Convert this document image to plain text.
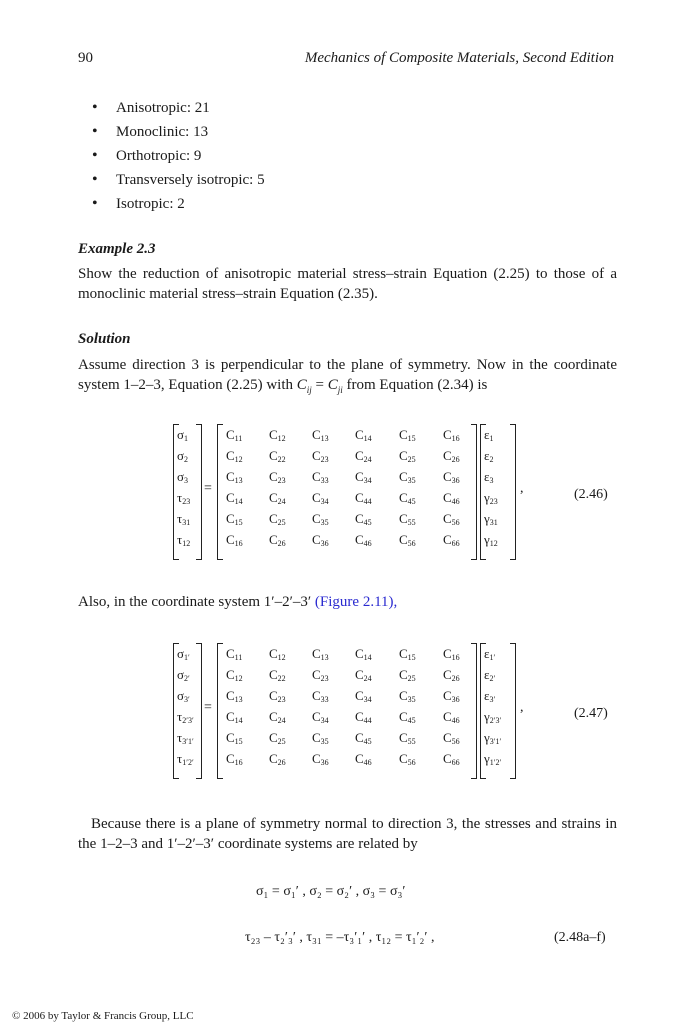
90	Mechanics of Composite Materials, Second Edition
• Anisotropic: 21
• Monoclinic: 13
• Orthotropic: 9
• Transversely isotropic: 5
• Isotropic: 2
Example 2.3
Show the reduction of anisotropic material stress–strain Equation (2.25) to those of a monoclinic material stress–strain Equation (2.35).
Solution
Assume direction 3 is perpendicular to the plane of symmetry. Now in the coordinate system 1–2–3, Equation (2.25) with $C_{ij} = C_{ji}$ from Equation (2.34) is
=	,
$\sigma_1$	$C_{11}$ $C_{12}$ $C_{13}$ $C_{14}$ $C_{15}$ $C_{16}$ $\varepsilon_1$
$\sigma_2$	$C_{12}$ $C_{22}$ $C_{23}$ $C_{24}$ $C_{25}$ $C_{26}$ $\varepsilon_2$
$\sigma_3$	$C_{13}$ $C_{23}$ $C_{33}$ $C_{34}$ $C_{35}$ $C_{36}$ $\varepsilon_3$
$\tau_{23}$	$C_{14}$ $C_{24}$ $C_{34}$ $C_{44}$ $C_{45}$ $C_{46}$ $\gamma_{23}$
$\tau_{31}$	$C_{15}$ $C_{25}$ $C_{35}$ $C_{45}$ $C_{55}$ $C_{56}$ $\gamma_{31}$
$\tau_{12}$	$C_{16}$ $C_{26}$ $C_{36}$ $C_{46}$ $C_{56}$ $C_{66}$ $\gamma_{12}$
(2.46)
Also, in the coordinate system 1′–2′–3′ (Figure 2.11),
=	,
$\sigma_{1'}$	$C_{11}$ $C_{12}$ $C_{13}$ $C_{14}$ $C_{15}$ $C_{16}$ $\varepsilon_{1'}$
$\sigma_{2'}$	$C_{12}$ $C_{22}$ $C_{23}$ $C_{24}$ $C_{25}$ $C_{26}$ $\varepsilon_{2'}$
$\sigma_{3'}$	$C_{13}$ $C_{23}$ $C_{33}$ $C_{34}$ $C_{35}$ $C_{36}$ $\varepsilon_{3'}$
$\tau_{2'3'}$ $C_{14}$ $C_{24}$ $C_{34}$ $C_{44}$ $C_{45}$ $C_{46}$ $\gamma_{2'3'}$
$\tau_{3'1'}$ $C_{15}$ $C_{25}$ $C_{35}$ $C_{45}$ $C_{55}$ $C_{56}$ $\gamma_{3'1'}$
$\tau_{1'2'}$ $C_{16}$ $C_{26}$ $C_{36}$ $C_{46}$ $C_{56}$ $C_{66}$ $\gamma_{1'2'}$
(2.47)
Because there is a plane of symmetry normal to direction 3, the stresses and strains in the 1–2–3 and 1′–2′–3′ coordinate systems are related by
σ₁ = σ₁′ , σ₂ = σ₂′ , σ₃ = σ₃′
τ₂₃ – τ₂′₃′ , τ₃₁ = –τ₃′₁′ , τ₁₂ = τ₁′₂′ ,	(2.48a–f)
© 2006 by Taylor & Francis Group, LLC
